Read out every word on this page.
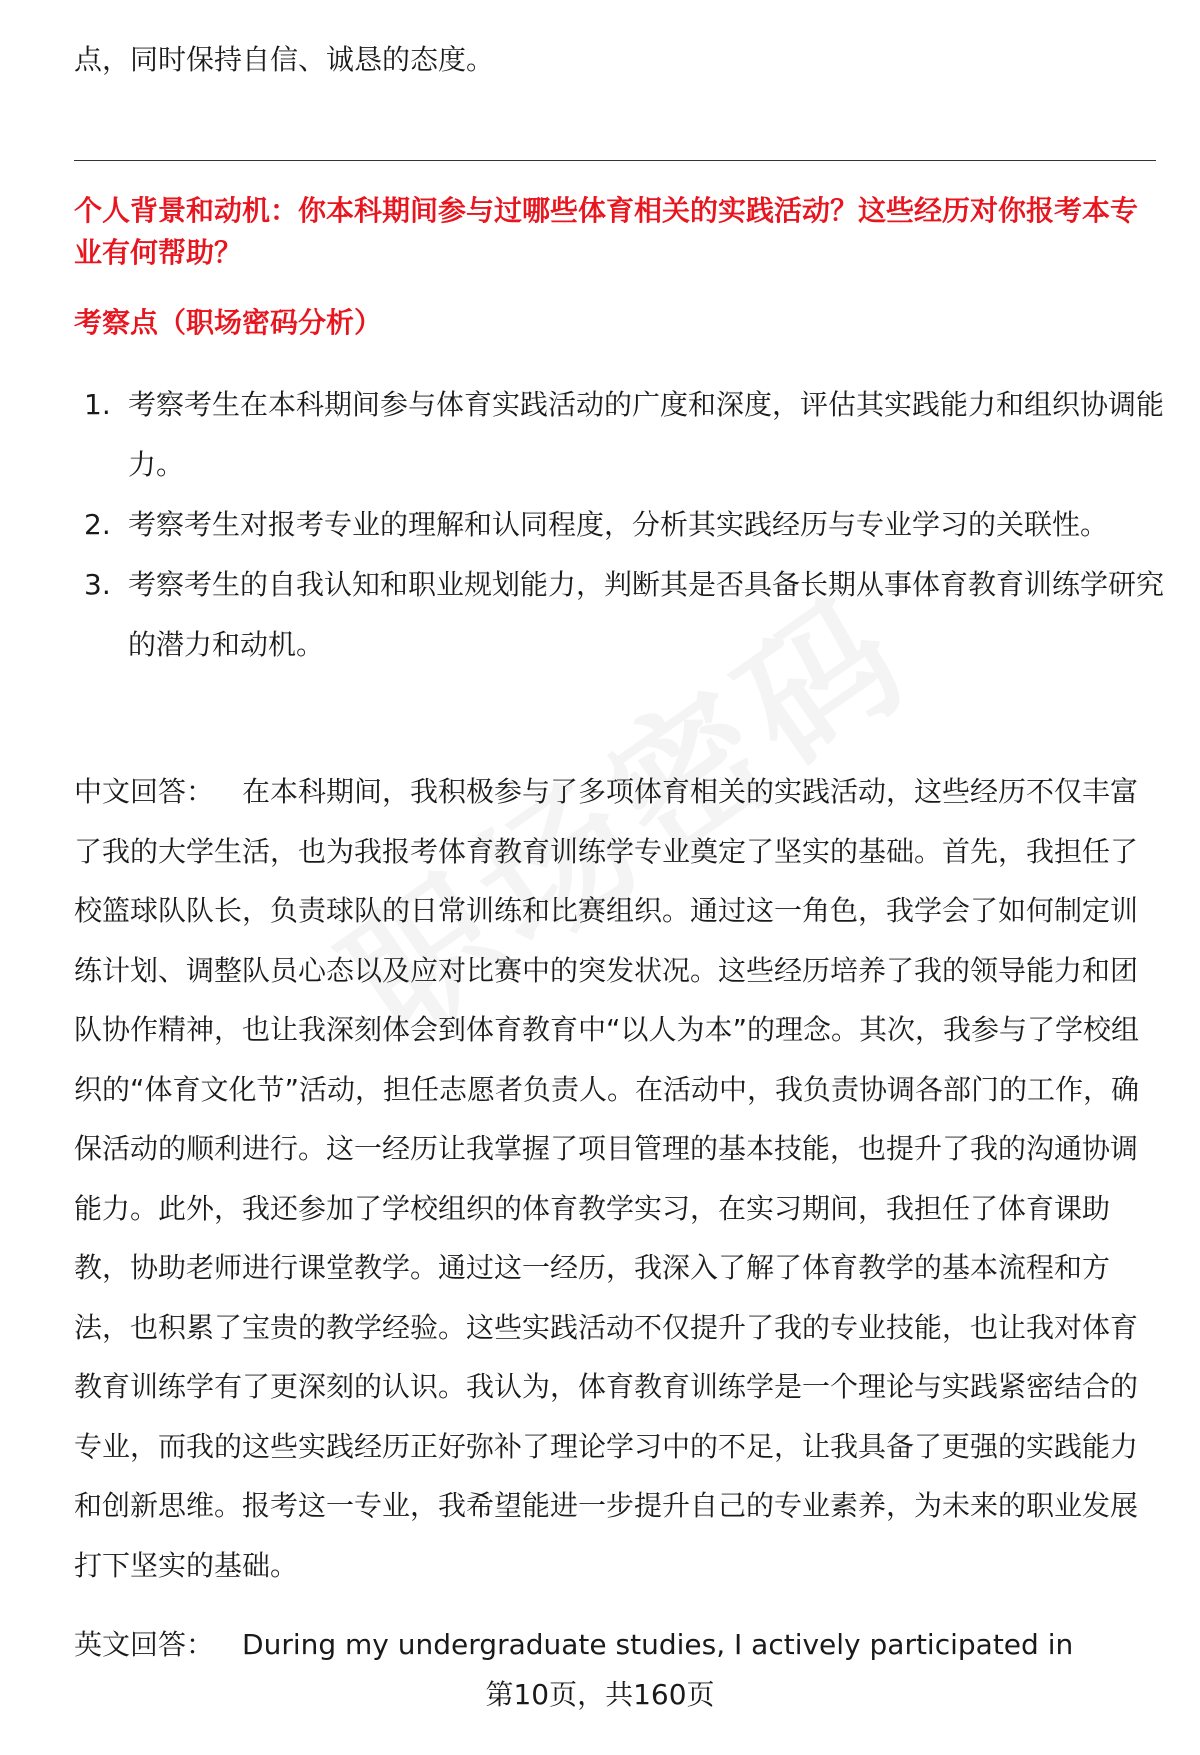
点，同时保持自信、诚恳的态度。
个人背景和动机：你本科期间参与过哪些体育相关的实践活动？这些经历对你报考本专业有何帮助？
考察点（职场密码分析）
1. 考察考生在本科期间参与体育实践活动的广度和深度，评估其实践能力和组织协调能力。
2. 考察考生对报考专业的理解和认同程度，分析其实践经历与专业学习的关联性。
3. 考察考生的自我认知和职业规划能力，判断其是否具备长期从事体育教育训练学研究的潜力和动机。
中文回答： 在本科期间，我积极参与了多项体育相关的实践活动，这些经历不仅丰富了我的大学生活，也为我报考体育教育训练学专业奠定了坚实的基础。首先，我担任了校篮球队队长，负责球队的日常训练和比赛组织。通过这一角色，我学会了如何制定训练计划、调整队员心态以及应对比赛中的突发状况。这些经历培养了我的领导能力和团队协作精神，也让我深刻体会到体育教育中“以人为本”的理念。其次，我参与了学校组织的“体育文化节”活动，担任志愿者负责人。在活动中，我负责协调各部门的工作，确保活动的顺利进行。这一经历让我掌握了项目管理的基本技能，也提升了我的沟通协调能力。此外，我还参加了学校组织的体育教学实习，在实习期间，我担任了体育课助教，协助老师进行课堂教学。通过这一经历，我深入了解了体育教学的基本流程和方法，也积累了宝贵的教学经验。这些实践活动不仅提升了我的专业技能，也让我对体育教育训练学有了更深刻的认识。我认为，体育教育训练学是一个理论与实践紧密结合的专业，而我的这些实践经历正好弥补了理论学习中的不足，让我具备了更强的实践能力和创新思维。报考这一专业，我希望能进一步提升自己的专业素养，为未来的职业发展打下坚实的基础。
英文回答： During my undergraduate studies, I actively participated in
第10页，共160页
